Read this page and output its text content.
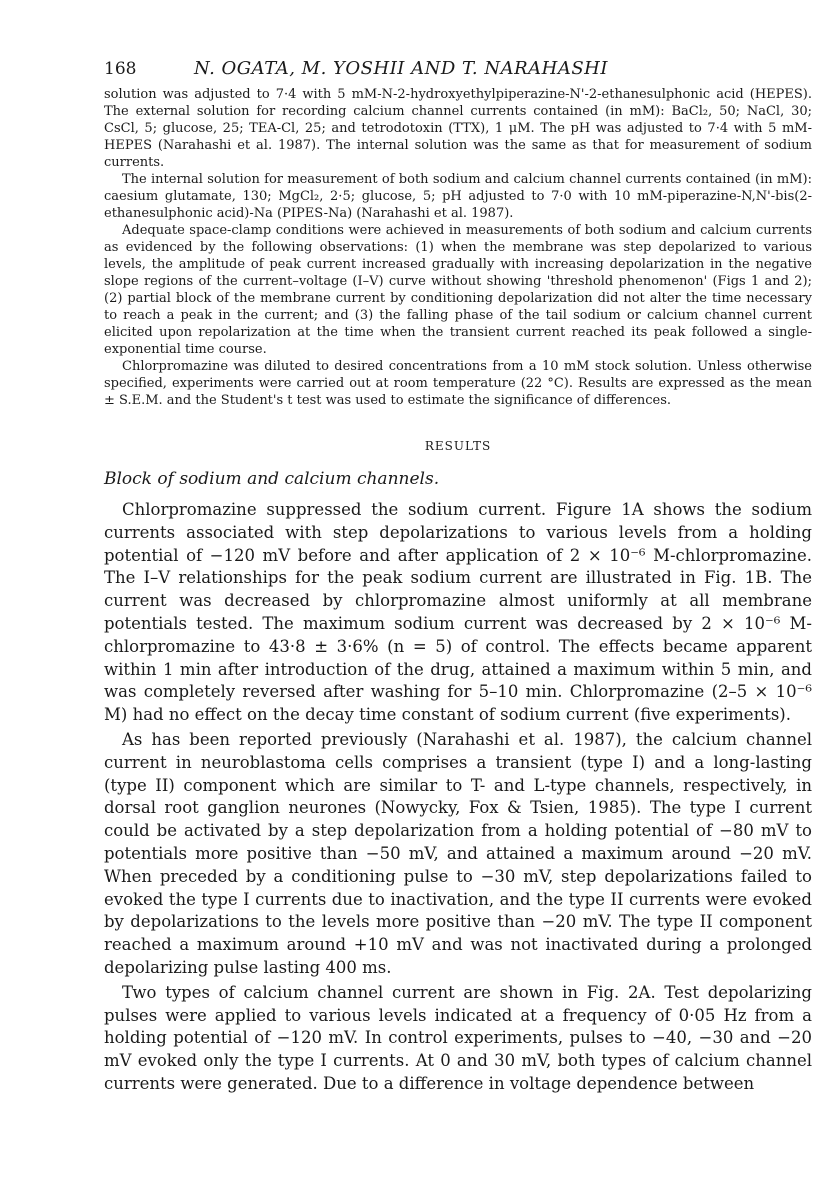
168	N. OGATA, M. YOSHII AND T. NARAHASHI

solution was adjusted to 7·4 with 5 mM-N-2-hydroxyethylpiperazine-N'-2-ethanesulphonic acid (HEPES). The external solution for recording calcium channel currents contained (in mM): BaCl₂, 50; NaCl, 30; CsCl, 5; glucose, 25; TEA-Cl, 25; and tetrodotoxin (TTX), 1 μM. The pH was adjusted to 7·4 with 5 mM-HEPES (Narahashi et al. 1987). The internal solution was the same as that for measurement of sodium currents.

The internal solution for measurement of both sodium and calcium channel currents contained (in mM): caesium glutamate, 130; MgCl₂, 2·5; glucose, 5; pH adjusted to 7·0 with 10 mM-piperazine-N,N'-bis(2-ethanesulphonic acid)-Na (PIPES-Na) (Narahashi et al. 1987).

Adequate space-clamp conditions were achieved in measurements of both sodium and calcium currents as evidenced by the following observations: (1) when the membrane was step depolarized to various levels, the amplitude of peak current increased gradually with increasing depolarization in the negative slope regions of the current–voltage (I–V) curve without showing 'threshold phenomenon' (Figs 1 and 2); (2) partial block of the membrane current by conditioning depolarization did not alter the time necessary to reach a peak in the current; and (3) the falling phase of the tail sodium or calcium channel current elicited upon repolarization at the time when the transient current reached its peak followed a single-exponential time course.

Chlorpromazine was diluted to desired concentrations from a 10 mM stock solution. Unless otherwise specified, experiments were carried out at room temperature (22 °C). Results are expressed as the mean ± S.E.M. and the Student's t test was used to estimate the significance of differences.

RESULTS
Block of sodium and calcium channels.

Chlorpromazine suppressed the sodium current. Figure 1A shows the sodium currents associated with step depolarizations to various levels from a holding potential of −120 mV before and after application of 2 × 10⁻⁶ M-chlorpromazine. The I–V relationships for the peak sodium current are illustrated in Fig. 1B. The current was decreased by chlorpromazine almost uniformly at all membrane potentials tested. The maximum sodium current was decreased by 2 × 10⁻⁶ M-chlorpromazine to 43·8 ± 3·6% (n = 5) of control. The effects became apparent within 1 min after introduction of the drug, attained a maximum within 5 min, and was completely reversed after washing for 5–10 min. Chlorpromazine (2–5 × 10⁻⁶ M) had no effect on the decay time constant of sodium current (five experiments).

As has been reported previously (Narahashi et al. 1987), the calcium channel current in neuroblastoma cells comprises a transient (type I) and a long-lasting (type II) component which are similar to T- and L-type channels, respectively, in dorsal root ganglion neurones (Nowycky, Fox & Tsien, 1985). The type I current could be activated by a step depolarization from a holding potential of −80 mV to potentials more positive than −50 mV, and attained a maximum around −20 mV. When preceded by a conditioning pulse to −30 mV, step depolarizations failed to evoked the type I currents due to inactivation, and the type II currents were evoked by depolarizations to the levels more positive than −20 mV. The type II component reached a maximum around +10 mV and was not inactivated during a prolonged depolarizing pulse lasting 400 ms.

Two types of calcium channel current are shown in Fig. 2A. Test depolarizing pulses were applied to various levels indicated at a frequency of 0·05 Hz from a holding potential of −120 mV. In control experiments, pulses to −40, −30 and −20 mV evoked only the type I currents. At 0 and 30 mV, both types of calcium channel currents were generated. Due to a difference in voltage dependence between
